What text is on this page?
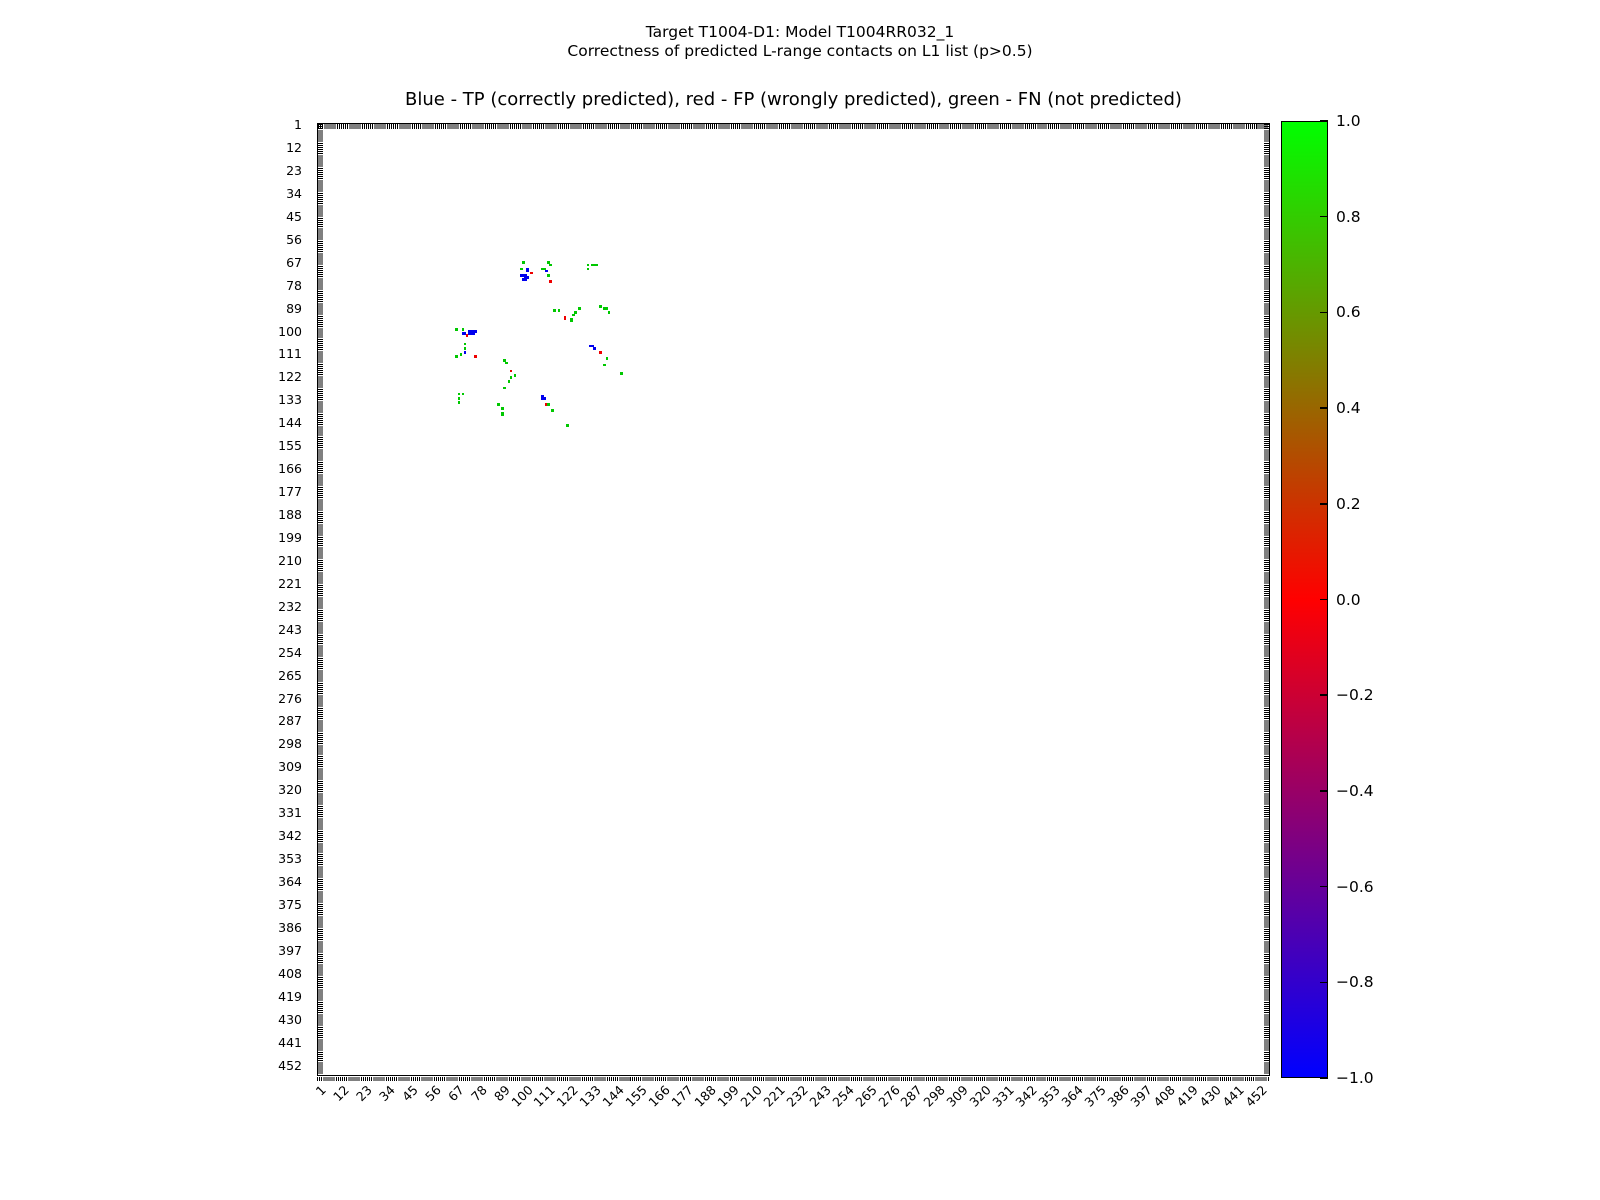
Target T1004-D1: Model T1004RR032_1
Correctness of predicted L-range contacts on L1 list (p>0.5)
Blue - TP (correctly predicted), red - FP (wrongly predicted), green - FN (not predicted)
1
12
23
34
45
56
67
78
89
100
111
122
133
144
155
166
177
188
199
210
221
232
243
254
265
276
287
298
309
320
331
342
353
364
375
386
397
408
419
430
441
452
1 12 23 34 45 56 67 78 89
100
111
122
133
144
155
166
177
188
199
210
221
232
243
254
265
276
287
298
309
320
331
342
353
364
375
386
397
408
419
430
441
452
1.0
0.8
0.6
0.4
0.2
0.0
−0.2
−0.4
−0.6
−0.8
−1.0
